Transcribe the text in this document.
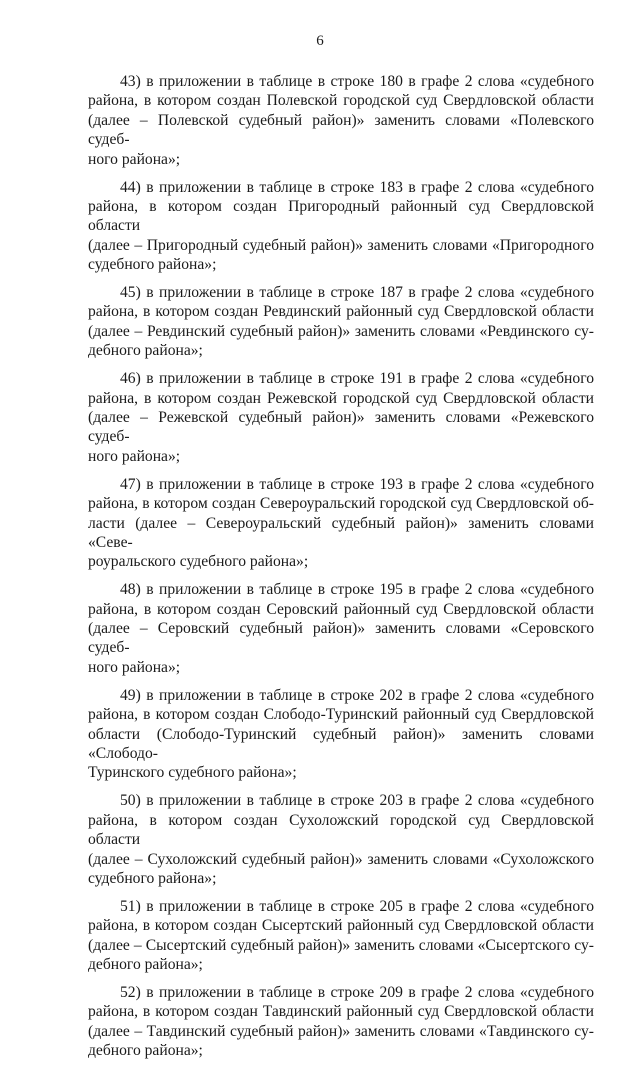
6

43) в приложении в таблице в строке 180 в графе 2 слова «судебного
района, в котором создан Полевской городской суд Свердловской области
(далее – Полевской судебный район)» заменить словами «Полевского судеб-
ного района»;

44) в приложении в таблице в строке 183 в графе 2 слова «судебного
района, в котором создан Пригородный районный суд Свердловской области
(далее – Пригородный судебный район)» заменить словами «Пригородного
судебного района»;

45) в приложении в таблице в строке 187 в графе 2 слова «судебного
района, в котором создан Ревдинский районный суд Свердловской области
(далее – Ревдинский судебный район)» заменить словами «Ревдинского су-
дебного района»;

46) в приложении в таблице в строке 191 в графе 2 слова «судебного
района, в котором создан Режевской городской суд Свердловской области
(далее – Режевской судебный район)» заменить словами «Режевского судеб-
ного района»;

47) в приложении в таблице в строке 193 в графе 2 слова «судебного
района, в котором создан Североуральский городской суд Свердловской об-
ласти (далее – Североуральский судебный район)» заменить словами «Севе-
роуральского судебного района»;

48) в приложении в таблице в строке 195 в графе 2 слова «судебного
района, в котором создан Серовский районный суд Свердловской области
(далее – Серовский судебный район)» заменить словами «Серовского судеб-
ного района»;

49) в приложении в таблице в строке 202 в графе 2 слова «судебного
района, в котором создан Слободо-Туринский районный суд Свердловской
области (Слободо-Туринский судебный район)» заменить словами «Слободо-
Туринского судебного района»;

50) в приложении в таблице в строке 203 в графе 2 слова «судебного
района, в котором создан Сухоложский городской суд Свердловской области
(далее – Сухоложский судебный район)» заменить словами «Сухоложского
судебного района»;

51) в приложении в таблице в строке 205 в графе 2 слова «судебного
района, в котором создан Сысертский районный суд Свердловской области
(далее – Сысертский судебный район)» заменить словами «Сысертского су-
дебного района»;

52) в приложении в таблице в строке 209 в графе 2 слова «судебного
района, в котором создан Тавдинский районный суд Свердловской области
(далее – Тавдинский судебный район)» заменить словами «Тавдинского су-
дебного района»;
